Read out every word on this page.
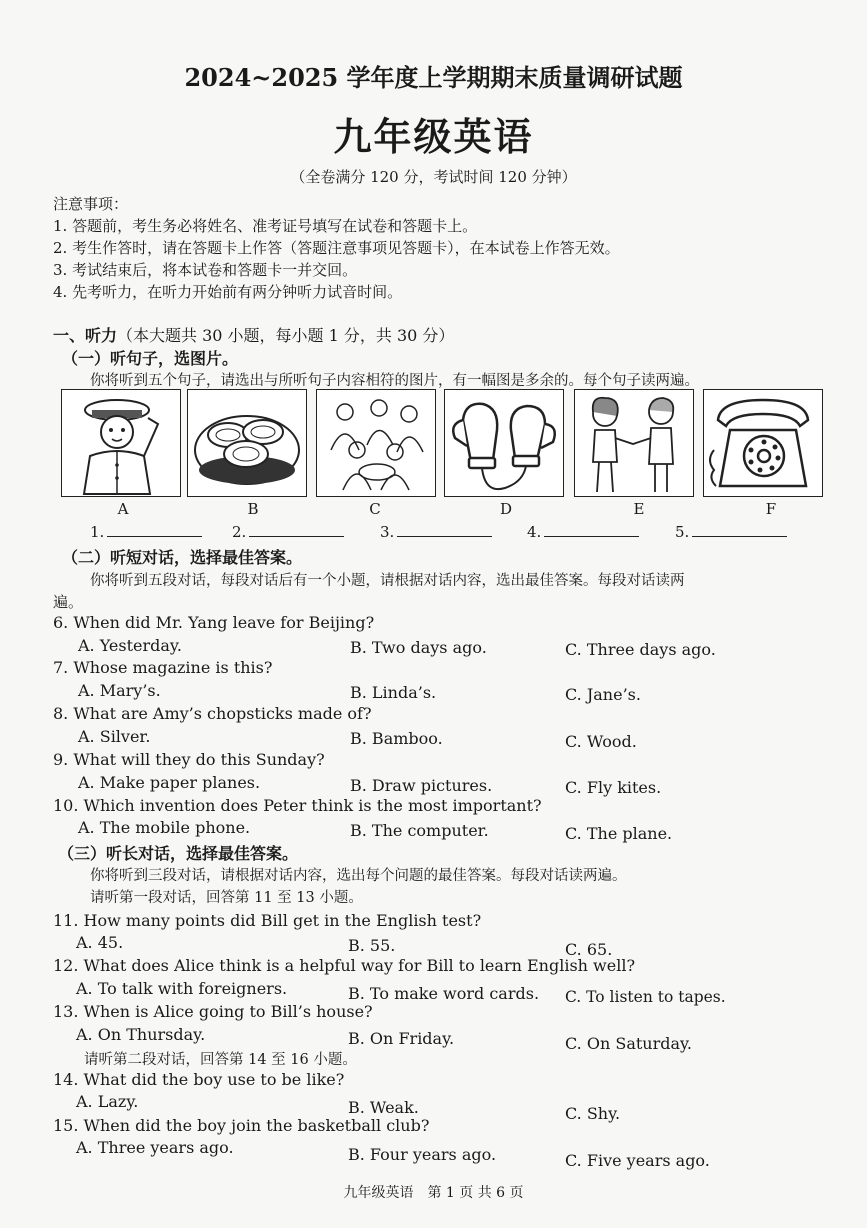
2024~2025 学年度上学期期末质量调研试题
九年级英语
（全卷满分 120 分，考试时间 120 分钟）
注意事项：
1. 答题前，考生务必将姓名、准考证号填写在试卷和答题卡上。
2. 考生作答时，请在答题卡上作答（答题注意事项见答题卡），在本试卷上作答无效。
3. 考试结束后，将本试卷和答题卡一并交回。
4. 先考听力，在听力开始前有两分钟听力试音时间。
一、听力（本大题共 30 小题，每小题 1 分，共 30 分）
（一）听句子，选图片。
你将听到五个句子，请选出与所听句子内容相符的图片，有一幅图是多余的。每个句子读两遍。
A	B	C	D	E	F
1.	2.	3.	4.	5.
（二）听短对话，选择最佳答案。
你将听到五段对话，每段对话后有一个小题，请根据对话内容，选出最佳答案。每段对话读两
遍。
6. When did Mr. Yang leave for Beijing?
A. Yesterday.	B. Two days ago.	C. Three days ago.
7. Whose magazine is this?
A. Mary’s.	B. Linda’s.	C. Jane’s.
8. What are Amy’s chopsticks made of?
A. Silver.	B. Bamboo.	C. Wood.
9. What will they do this Sunday?
A. Make paper planes.	B. Draw pictures.	C. Fly kites.
10. Which invention does Peter think is the most important?
A. The mobile phone.	B. The computer.	C. The plane.
（三）听长对话，选择最佳答案。
你将听到三段对话，请根据对话内容，选出每个问题的最佳答案。每段对话读两遍。
请听第一段对话，回答第 11 至 13 小题。
11. How many points did Bill get in the English test?
A. 45.	B. 55.	C. 65.
12. What does Alice think is a helpful way for Bill to learn English well?
A. To talk with foreigners.	B. To make word cards. C. To listen to tapes.
13. When is Alice going to Bill’s house?
A. On Thursday.	B. On Friday.	C. On Saturday.
请听第二段对话，回答第 14 至 16 小题。
14. What did the boy use to be like?
A. Lazy.	B. Weak.	C. Shy.
15. When did the boy join the basketball club?
A. Three years ago.	B. Four years ago.	C. Five years ago.
九年级英语　第 1 页 共 6 页
